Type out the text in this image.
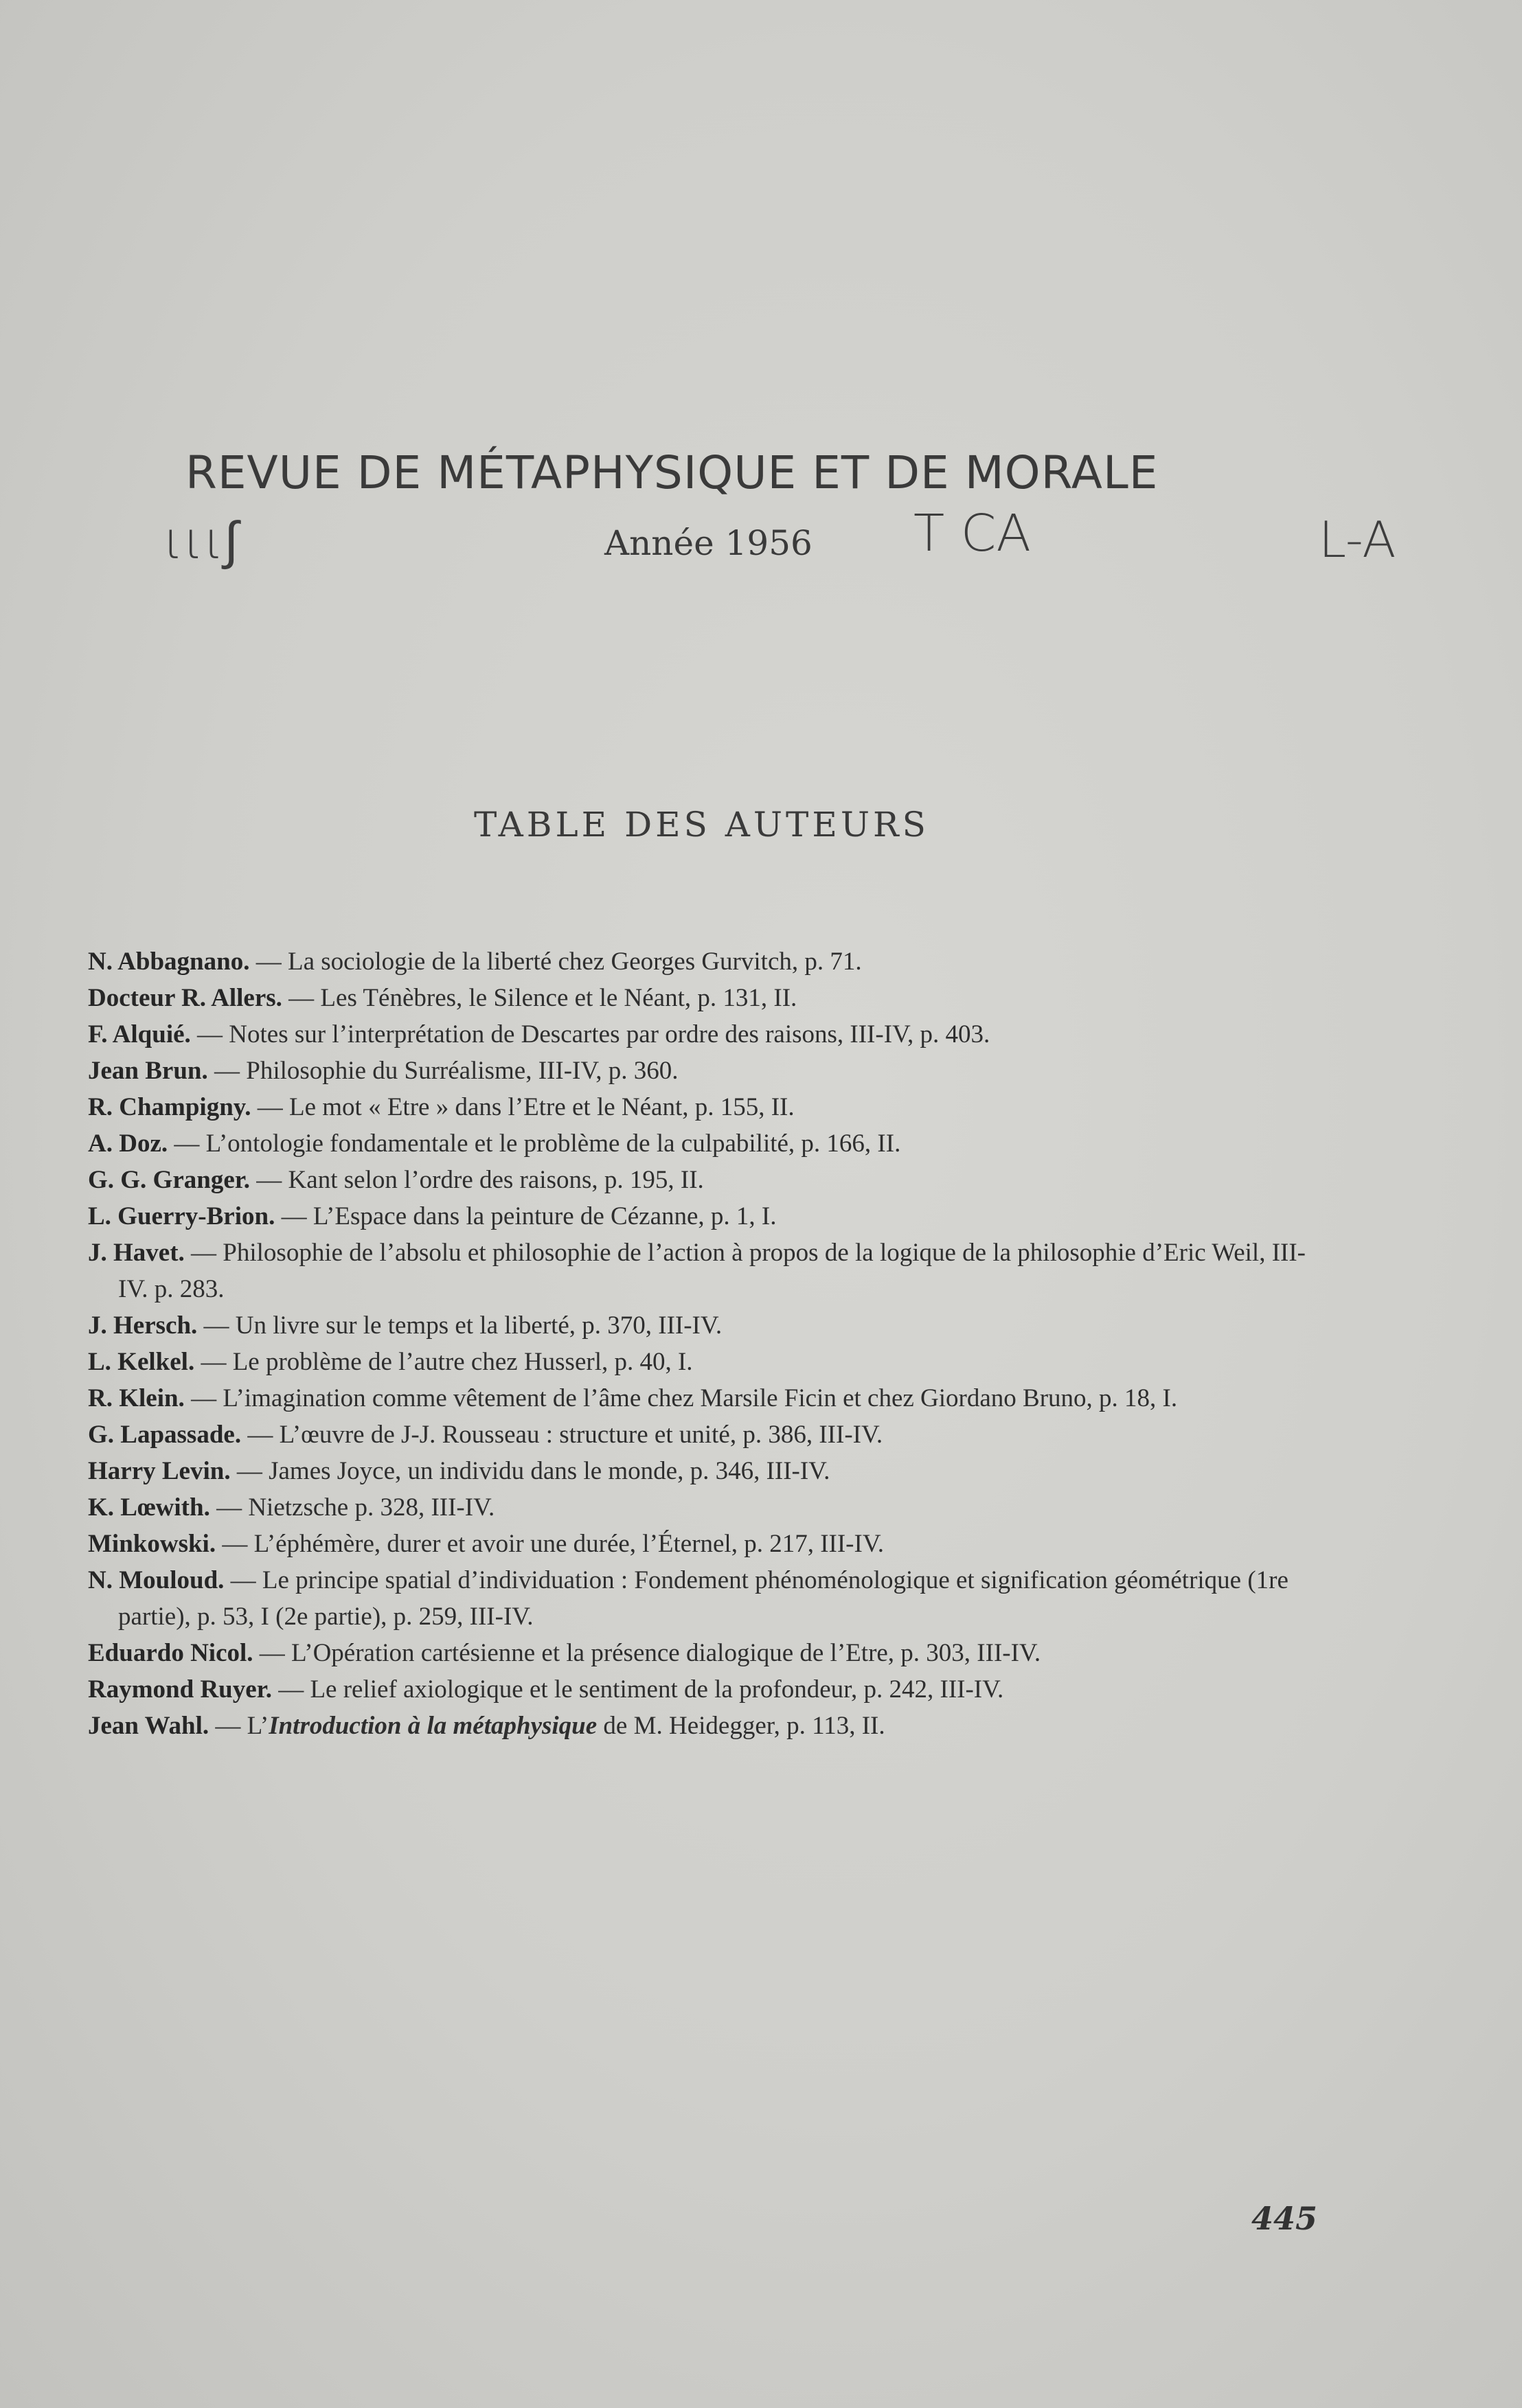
REVUE DE MÉTAPHYSIQUE ET DE MORALE
ιιι∫	Année 1956 T CA	L-A
TABLE DES AUTEURS

N. Abbagnano. — La sociologie de la liberté chez Georges Gurvitch, p. 71.

Docteur R. Allers. — Les Ténèbres, le Silence et le Néant, p. 131, II.

F. Alquié. — Notes sur l’interprétation de Descartes par ordre des raisons, III-IV, p. 403.

Jean Brun. — Philosophie du Surréalisme, III-IV, p. 360.

R. Champigny. — Le mot « Etre » dans l’Etre et le Néant, p. 155, II.

A. Doz. — L’ontologie fondamentale et le problème de la culpabilité, p. 166, II.

G. G. Granger. — Kant selon l’ordre des raisons, p. 195, II.

L. Guerry-Brion. — L’Espace dans la peinture de Cézanne, p. 1, I.

J. Havet. — Philosophie de l’absolu et philosophie de l’action à propos de la logique de la philosophie d’Eric Weil, III-IV. p. 283.

J. Hersch. — Un livre sur le temps et la liberté, p. 370, III-IV.

L. Kelkel. — Le problème de l’autre chez Husserl, p. 40, I.

R. Klein. — L’imagination comme vêtement de l’âme chez Marsile Ficin et chez Giordano Bruno, p. 18, I.

G. Lapassade. — L’œuvre de J-J. Rousseau : structure et unité, p. 386, III-IV.

Harry Levin. — James Joyce, un individu dans le monde, p. 346, III-IV.

K. Lœwith. — Nietzsche p. 328, III-IV.

Minkowski. — L’éphémère, durer et avoir une durée, l’Éternel, p. 217, III-IV.

N. Mouloud. — Le principe spatial d’individuation : Fondement phénoménologique et signification géométrique (1re partie), p. 53, I (2e partie), p. 259, III-IV.

Eduardo Nicol. — L’Opération cartésienne et la présence dialogique de l’Etre, p. 303, III-IV.

Raymond Ruyer. — Le relief axiologique et le sentiment de la profondeur, p. 242, III-IV.

Jean Wahl. — L’Introduction à la métaphysique de M. Heidegger, p. 113, II.

445
